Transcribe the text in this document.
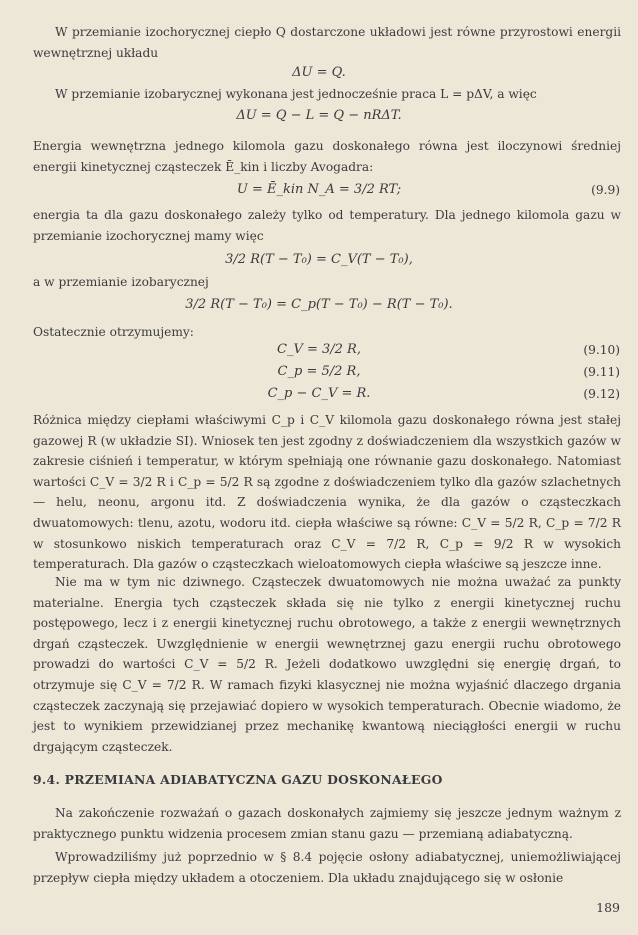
W przemianie izochorycznej ciepło Q dostarczone układowi jest równe przyrostowi energii wewnętrznej układu

ΔU = Q.

W przemianie izobarycznej wykonana jest jednocześnie praca L = pΔV, a więc

ΔU = Q − L = Q − nRΔT.

Energia wewnętrzna jednego kilomola gazu doskonałego równa jest iloczynowi średniej energii kinetycznej cząsteczek Ē_kin i liczby Avogadra:

U = Ē_kin N_A = 3/2 RT;	(9.9)

energia ta dla gazu doskonałego zależy tylko od temperatury. Dla jednego kilomola gazu w przemianie izochorycznej mamy więc

3/2 R(T − T₀) = C_V(T − T₀),

a w przemianie izobarycznej

3/2 R(T − T₀) = C_p(T − T₀) − R(T − T₀).

Ostatecznie otrzymujemy:

C_V = 3/2 R,	(9.10)
C_p = 5/2 R,	(9.11)
C_p − C_V = R.	(9.12)

Różnica między ciepłami właściwymi C_p i C_V kilomola gazu doskonałego równa jest stałej gazowej R (w układzie SI). Wniosek ten jest zgodny z doświadczeniem dla wszystkich gazów w zakresie ciśnień i temperatur, w którym spełniają one równanie gazu doskonałego. Natomiast wartości C_V = 3/2 R i C_p = 5/2 R są zgodne z doświadczeniem tylko dla gazów szlachetnych — helu, neonu, argonu itd. Z doświadczenia wynika, że dla gazów o cząsteczkach dwuatomowych: tlenu, azotu, wodoru itd. ciepła właściwe są równe: C_V = 5/2 R, C_p = 7/2 R w stosunkowo niskich temperaturach oraz C_V = 7/2 R, C_p = 9/2 R w wysokich temperaturach. Dla gazów o cząsteczkach wieloatomowych ciepła właściwe są jeszcze inne.

Nie ma w tym nic dziwnego. Cząsteczek dwuatomowych nie można uważać za punkty materialne. Energia tych cząsteczek składa się nie tylko z energii kinetycznej ruchu postępowego, lecz i z energii kinetycznej ruchu obrotowego, a także z energii wewnętrznych drgań cząsteczek. Uwzględnienie w energii wewnętrznej gazu energii ruchu obrotowego prowadzi do wartości C_V = 5/2 R. Jeżeli dodatkowo uwzględni się energię drgań, to otrzymuje się C_V = 7/2 R. W ramach fizyki klasycznej nie można wyjaśnić dlaczego drgania cząsteczek zaczynają się przejawiać dopiero w wysokich temperaturach. Obecnie wiadomo, że jest to wynikiem przewidzianej przez mechanikę kwantową nieciągłości energii w ruchu drgającym cząsteczek.

9.4. PRZEMIANA ADIABATYCZNA GAZU DOSKONAŁEGO

Na zakończenie rozważań o gazach doskonałych zajmiemy się jeszcze jednym ważnym z praktycznego punktu widzenia procesem zmian stanu gazu — przemianą adiabatyczną.

Wprowadziliśmy już poprzednio w § 8.4 pojęcie osłony adiabatycznej, uniemożliwiającej przepływ ciepła między układem a otoczeniem. Dla układu znajdującego się w osłonie

189
